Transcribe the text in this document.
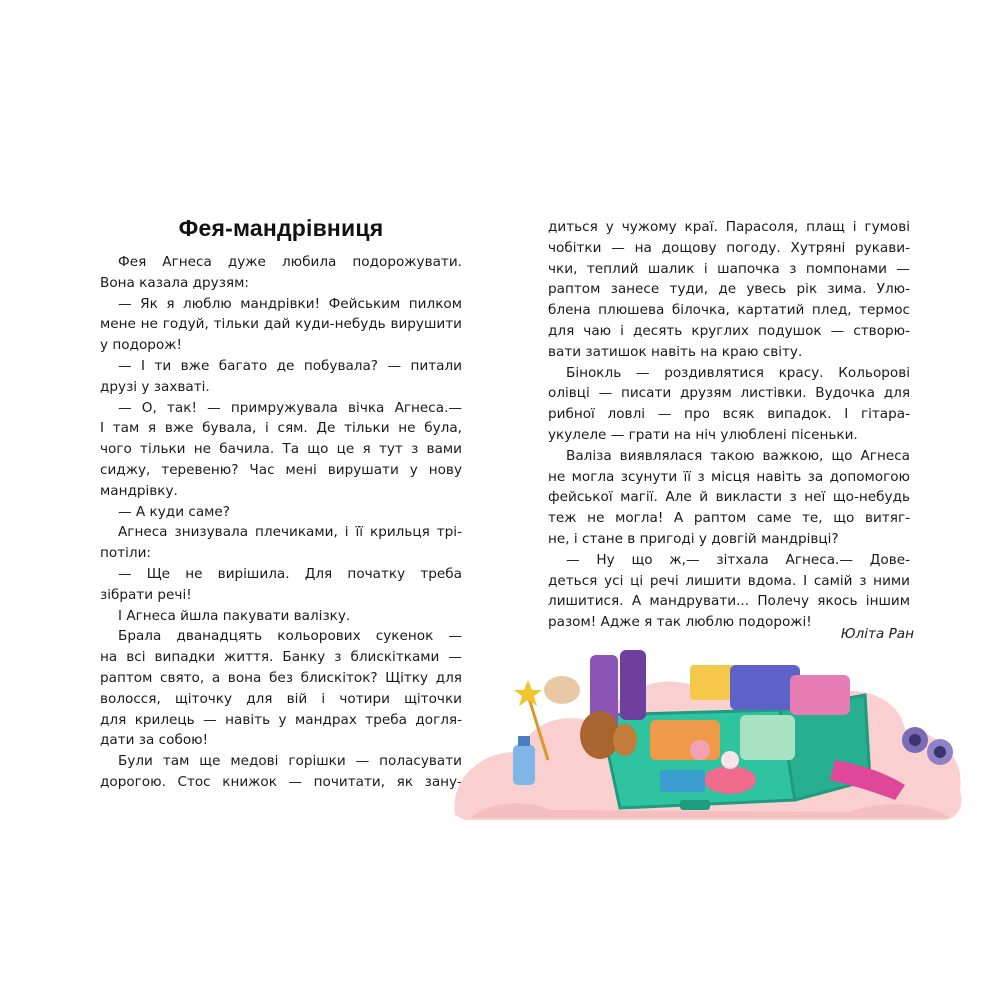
Фея-мандрівниця
Фея Агнеса дуже любила подорожувати.
Вона казала друзям:
— Як я люблю мандрівки! Фейським пилком
мене не годуй, тільки дай куди-небудь вирушити
у подорож!
— І ти вже багато де побувала? — питали
друзі у захваті.
— О, так! — примружувала вічка Агнеса.—
І там я вже бувала, і сям. Де тільки не була,
чого тільки не бачила. Та що це я тут з вами
сиджу, теревеню? Час мені вирушати у нову
мандрівку.
— А куди саме?
Агнеса знизувала плечиками, і її крильця трі-
потіли:
— Ще не вирішила. Для початку треба
зібрати речі!
І Агнеса йшла пакувати валізку.
Брала дванадцять кольорових сукенок —
на всі випадки життя. Банку з блискітками —
раптом свято, а вона без блискіток? Щітку для
волосся, щіточку для вій і чотири щіточки
для крилець — навіть у мандрах треба догля-
дати за собою!
Були там ще медові горішки — поласувати
дорогою. Стос книжок — почитати, як зану-
диться у чужому краї. Парасоля, плащ і гумові
чобітки — на дощову погоду. Хутряні рукави-
чки, теплий шалик і шапочка з помпонами —
раптом занесе туди, де увесь рік зима. Улю-
блена плюшева білочка, картатий плед, термос
для чаю і десять круглих подушок — створю-
вати затишок навіть на краю світу.
Бінокль — роздивлятися красу. Кольорові
олівці — писати друзям листівки. Вудочка для
рибної ловлі — про всяк випадок. І гітара-
укулеле — грати на ніч улюблені пісеньки.
Валіза виявлялася такою важкою, що Агнеса
не могла зсунути її з місця навіть за допомогою
фейської магії. Але й викласти з неї що-небудь
теж не могла! А раптом саме те, що витяг-
не, і стане в пригоді у довгій мандрівці?
— Ну що ж,— зітхала Агнеса.— Дове-
деться усі ці речі лишити вдома. І самій з ними
лишитися. А мандрувати... Полечу якось іншим
разом! Адже я так люблю подорожі!
Юліта Ран
